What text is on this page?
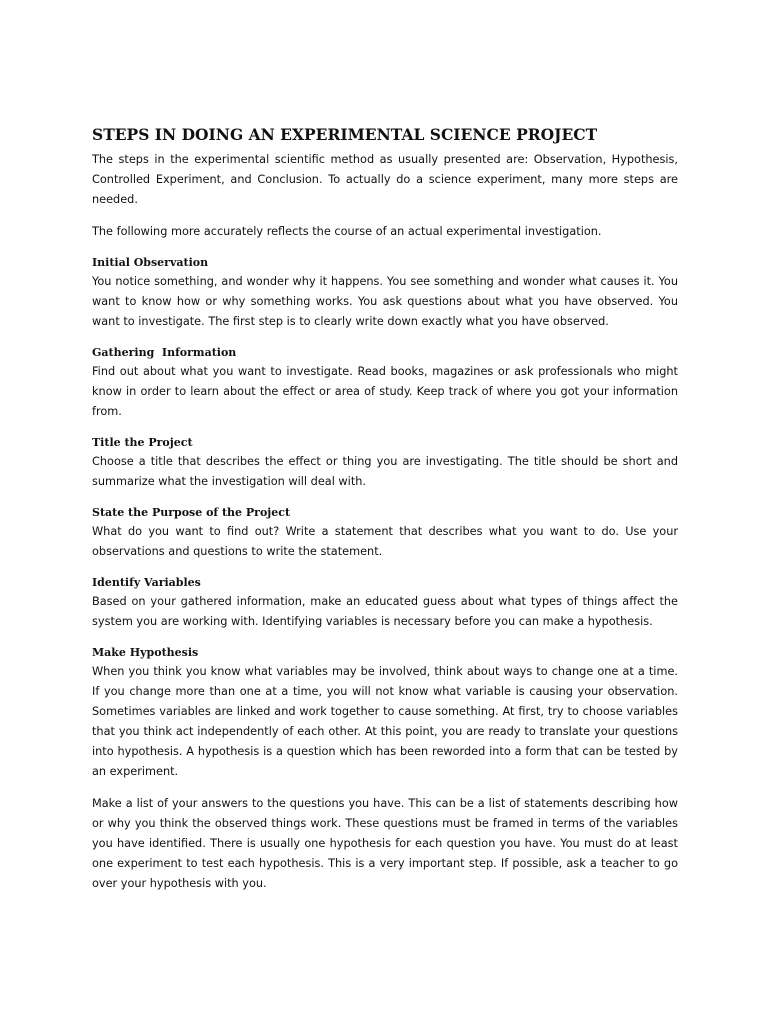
STEPS IN DOING AN EXPERIMENTAL SCIENCE PROJECT

The steps in the experimental scientific method as usually presented are: Observation, Hypothesis, Controlled Experiment, and Conclusion. To actually do a science experiment, many more steps are needed.

The following more accurately reflects the course of an actual experimental investigation.

Initial Observation

You notice something, and wonder why it happens. You see something and wonder what causes it. You want to know how or why something works. You ask questions about what you have observed. You want to investigate. The first step is to clearly write down exactly what you have observed.

Gathering  Information

Find out about what you want to investigate. Read books, magazines or ask professionals who might know in order to learn about the effect or area of study. Keep track of where you got your information from.

Title the Project

Choose a title that describes the effect or thing you are investigating. The title should be short and summarize what the investigation will deal with.

State the Purpose of the Project

What do you want to find out? Write a statement that describes what you want to do. Use your observations and questions to write the statement.

Identify Variables

Based on your gathered information, make an educated guess about what types of things affect the system you are working with. Identifying variables is necessary before you can make a hypothesis.

Make Hypothesis

When you think you know what variables may be involved, think about ways to change one at a time. If you change more than one at a time, you will not know what variable is causing your observation. Sometimes variables are linked and work together to cause something. At first, try to choose variables that you think act independently of each other. At this point, you are ready to translate your questions into hypothesis. A hypothesis is a question which has been reworded into a form that can be tested by an experiment.

Make a list of your answers to the questions you have. This can be a list of statements describing how or why you think the observed things work. These questions must be framed in terms of the variables you have identified. There is usually one hypothesis for each question you have. You must do at least one experiment to test each hypothesis. This is a very important step. If possible, ask a teacher to go over your hypothesis with you.
